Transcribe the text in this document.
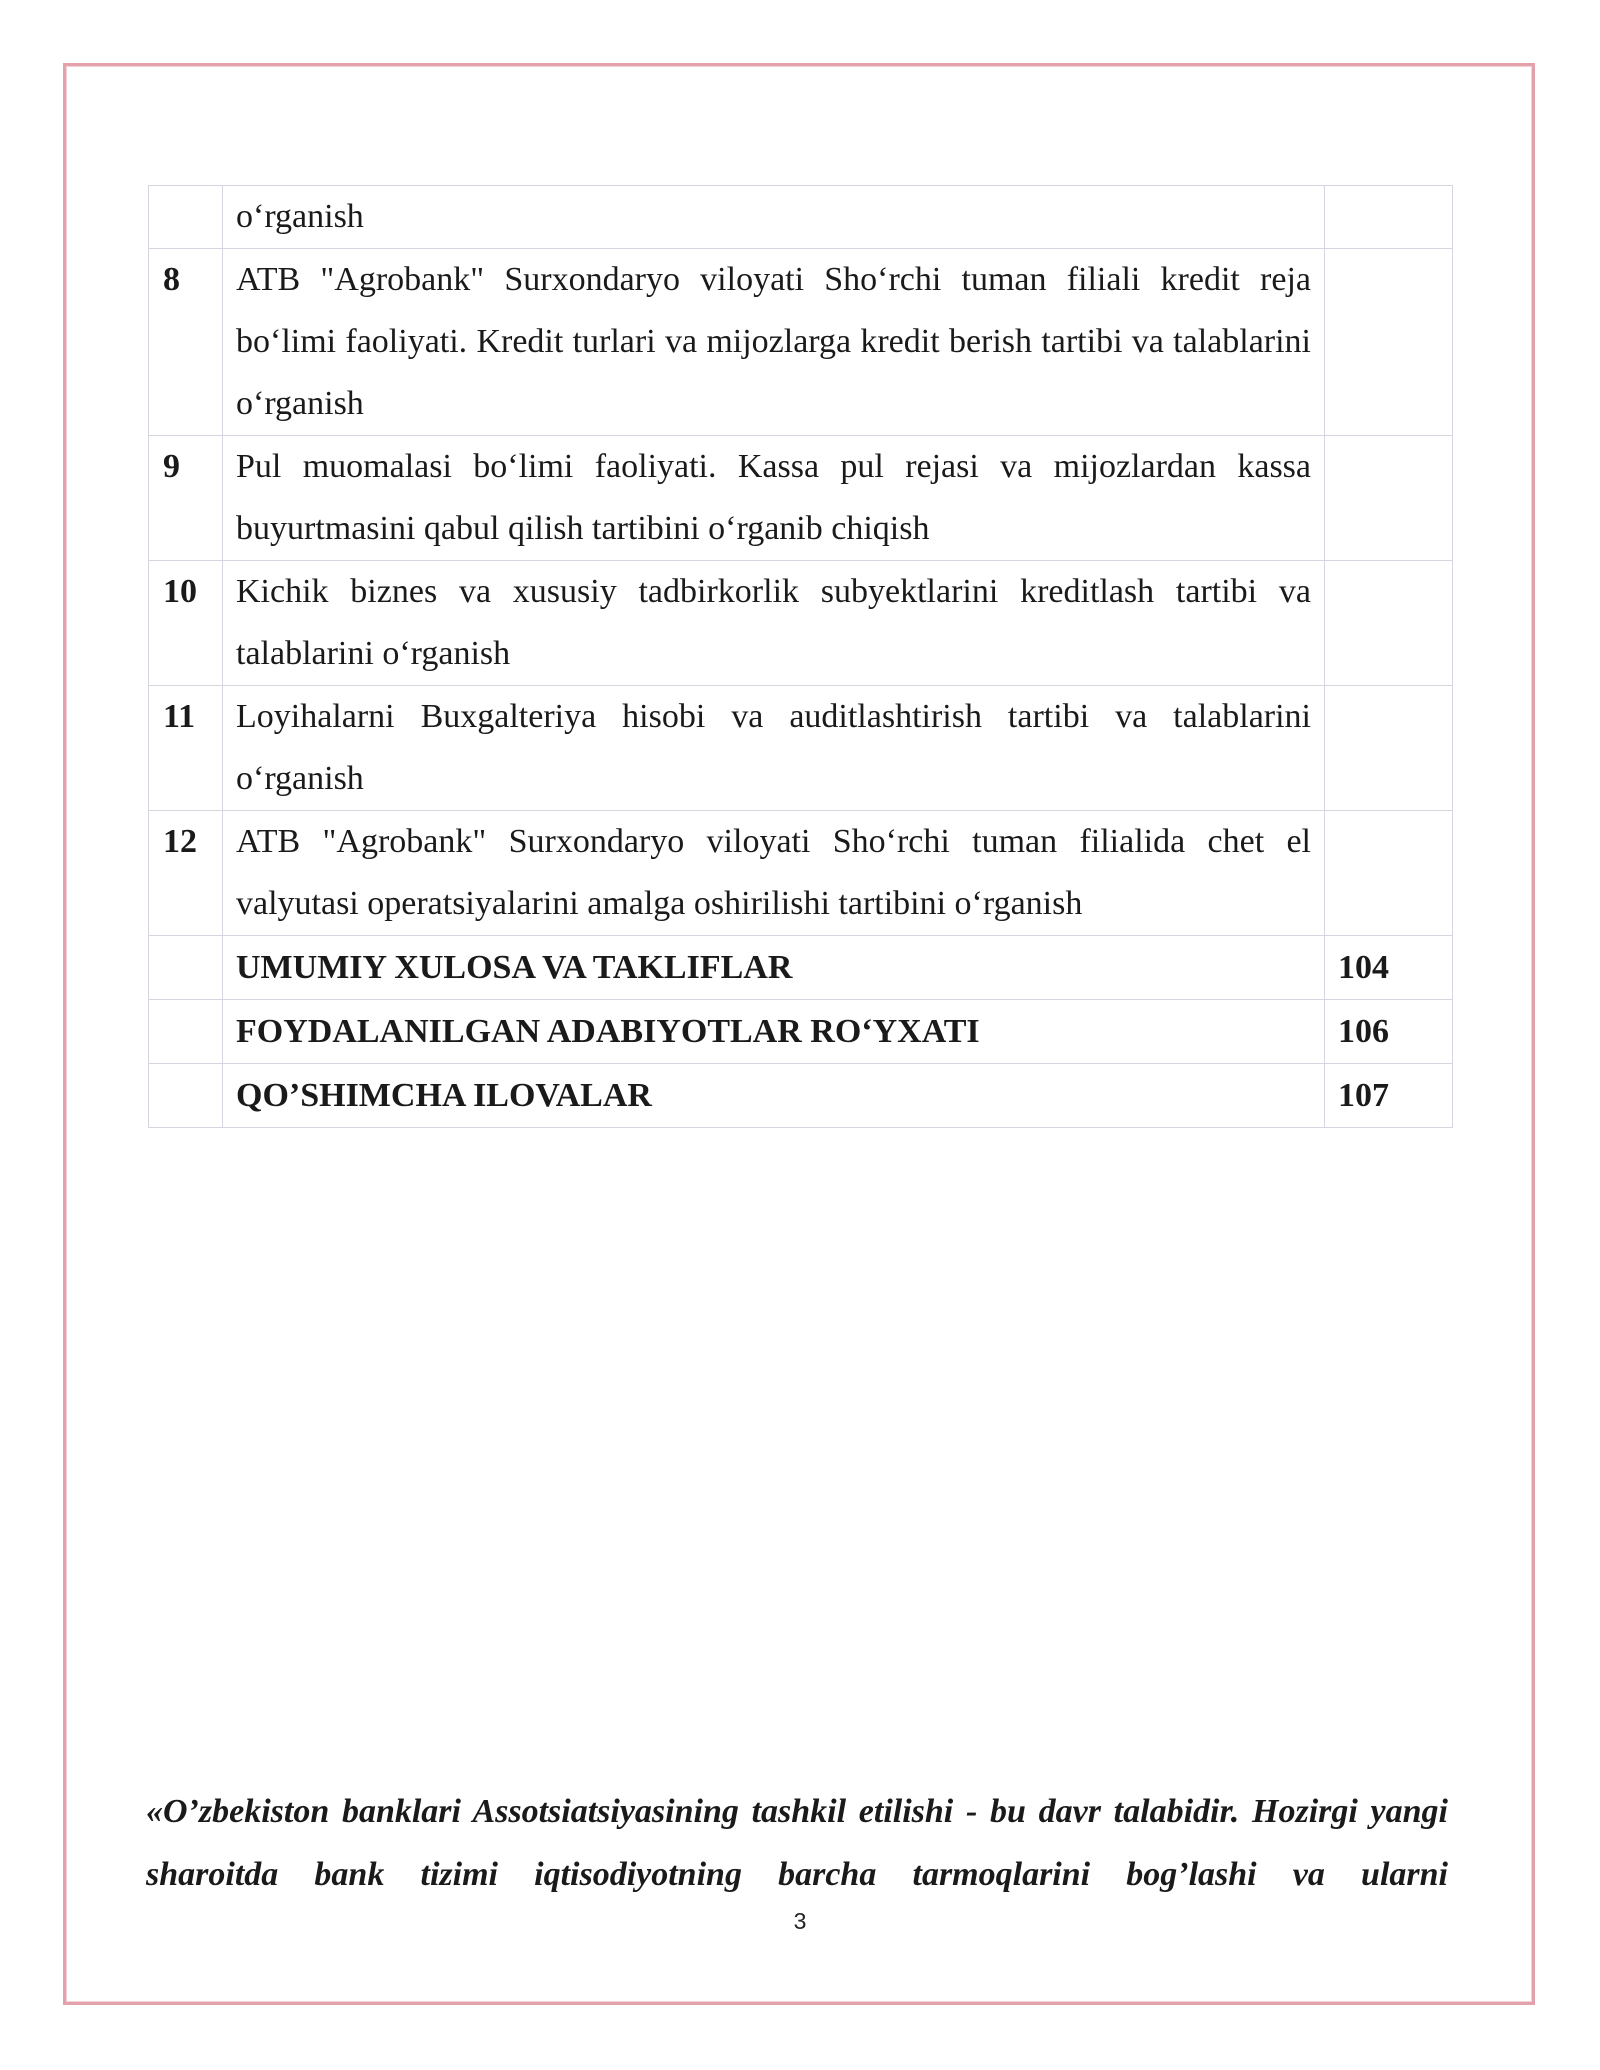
	o‘rganish	
8	ATB "Agrobank" Surxondaryo viloyati Sho‘rchi tuman filiali kredit reja bo‘limi faoliyati. Kredit turlari va mijozlarga kredit berish tartibi va talablarini o‘rganish	
9	Pul muomalasi bo‘limi faoliyati. Kassa pul rejasi va mijozlardan kassa buyurtmasini qabul qilish tartibini o‘rganib chiqish	
10	Kichik biznes va xususiy tadbirkorlik subyektlarini kreditlash tartibi va talablarini o‘rganish	
11	Loyihalarni Buxgalteriya hisobi va auditlashtirish tartibi va talablarini o‘rganish	
12	ATB "Agrobank" Surxondaryo viloyati Sho‘rchi tuman filialida chet el valyutasi operatsiyalarini amalga oshirilishi tartibini o‘rganish	
	UMUMIY XULOSA VA TAKLIFLAR	104
	FOYDALANILGAN ADABIYOTLAR RO‘YXATI	106
	QO’SHIMCHA ILOVALAR	107

«O’zbekiston banklari Assotsiatsiyasining tashkil etilishi - bu davr talabidir. Hozirgi yangi sharoitda bank tizimi iqtisodiyotning barcha tarmoqlarini bog’lashi va ularni

3
